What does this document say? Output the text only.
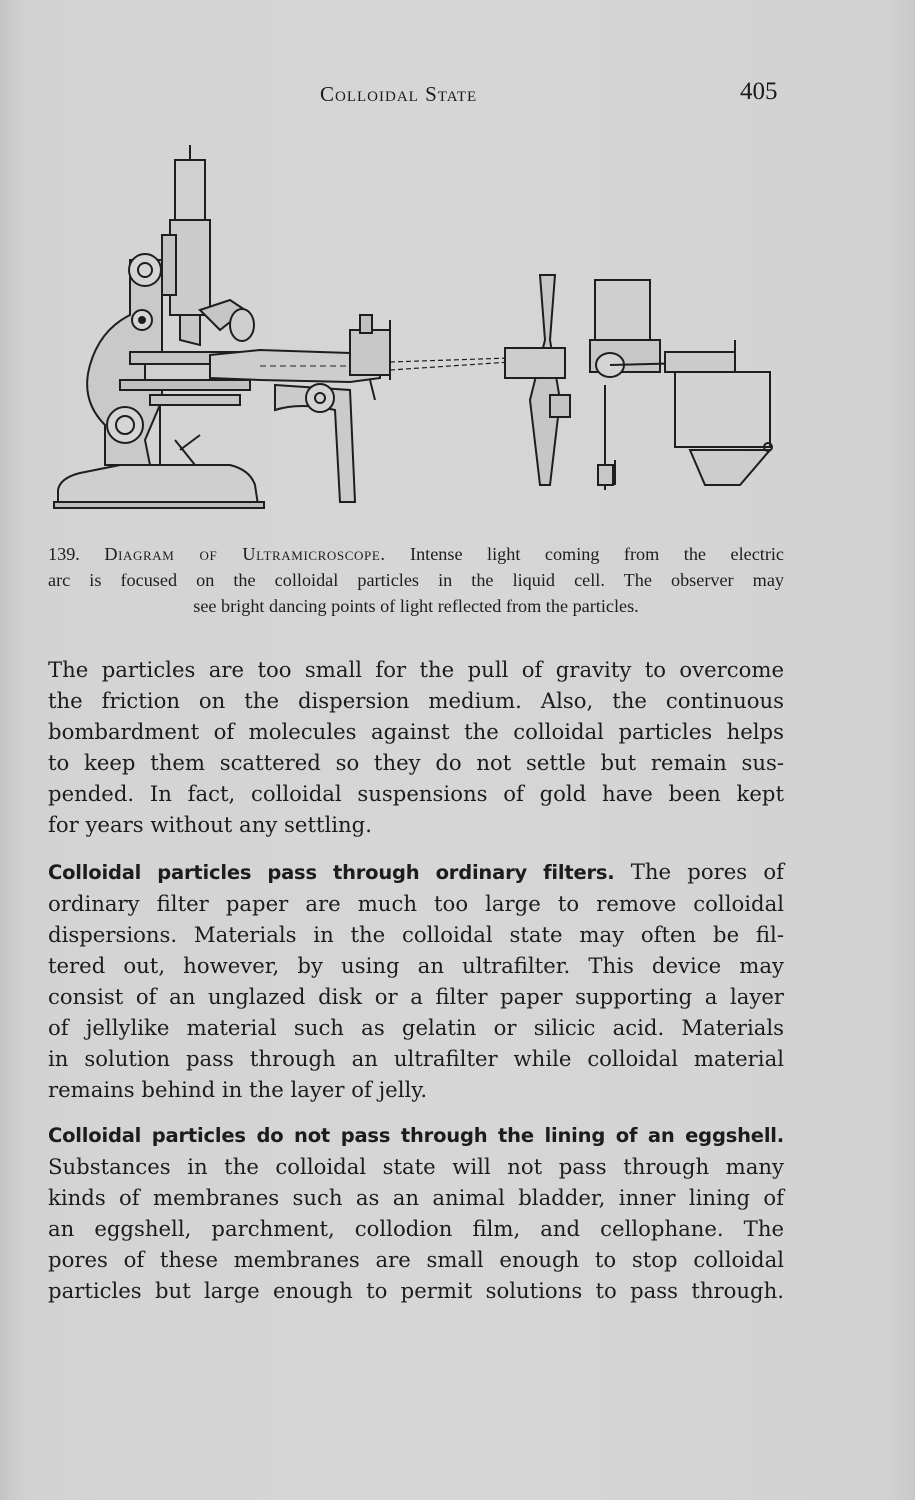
Colloidal State	405
139. Diagram of Ultramicroscope. Intense light coming from the electric
arc is focused on the colloidal particles in the liquid cell. The observer may
see bright dancing points of light reflected from the particles.
The particles are too small for the pull of gravity to overcome
the friction on the dispersion medium. Also, the continuous
bombardment of molecules against the colloidal particles helps
to keep them scattered so they do not settle but remain sus-
pended. In fact, colloidal suspensions of gold have been kept
for years without any settling.
Colloidal particles pass through ordinary filters. The pores of
ordinary filter paper are much too large to remove colloidal
dispersions. Materials in the colloidal state may often be fil-
tered out, however, by using an ultrafilter. This device may
consist of an unglazed disk or a filter paper supporting a layer
of jellylike material such as gelatin or silicic acid. Materials
in solution pass through an ultrafilter while colloidal material
remains behind in the layer of jelly.
Colloidal particles do not pass through the lining of an eggshell.
Substances in the colloidal state will not pass through many
kinds of membranes such as an animal bladder, inner lining of
an eggshell, parchment, collodion film, and cellophane. The
pores of these membranes are small enough to stop colloidal
particles but large enough to permit solutions to pass through.
